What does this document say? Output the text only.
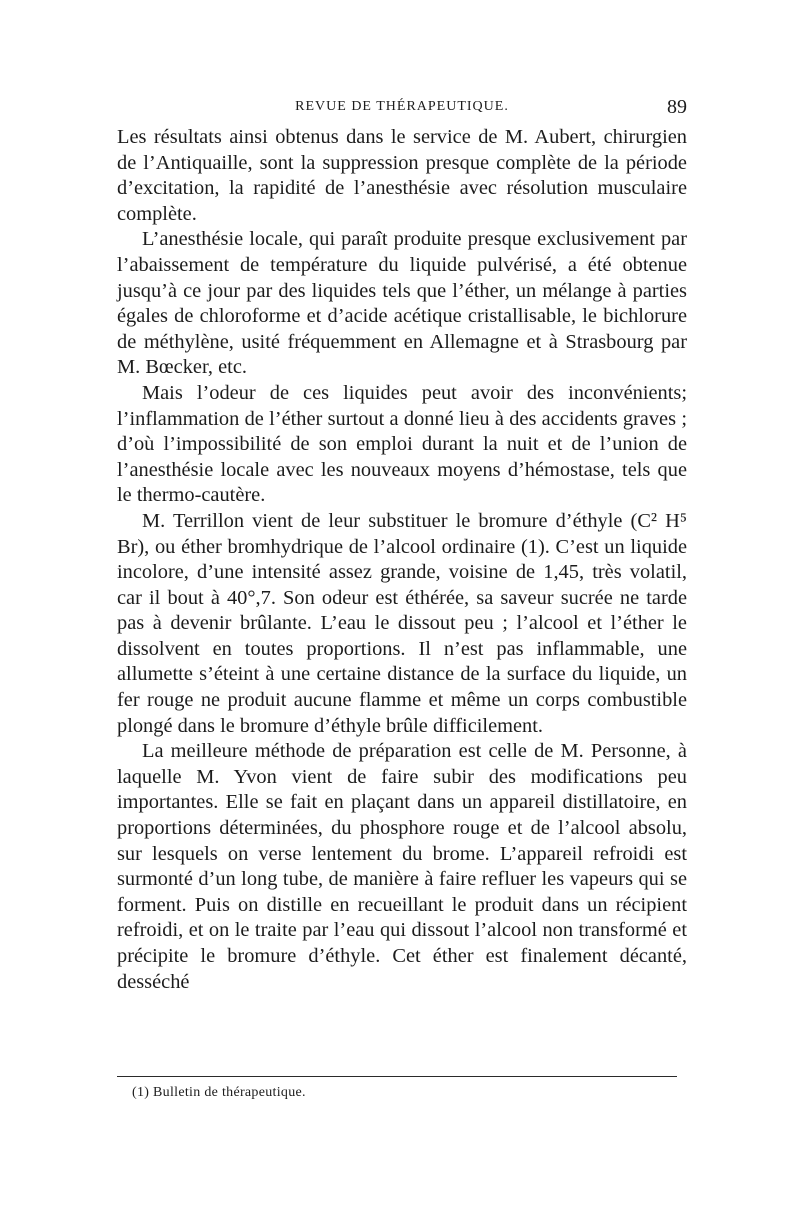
REVUE DE THÉRAPEUTIQUE.	89

Les résultats ainsi obtenus dans le service de M. Aubert, chirurgien de l’Antiquaille, sont la suppression presque complète de la période d’excitation, la rapidité de l’anesthésie avec résolution musculaire complète.

L’anesthésie locale, qui paraît produite presque exclusivement par l’abaissement de température du liquide pulvérisé, a été obtenue jusqu’à ce jour par des liquides tels que l’éther, un mélange à parties égales de chloroforme et d’acide acétique cristallisable, le bichlorure de méthylène, usité fréquemment en Allemagne et à Strasbourg par M. Bœcker, etc.

Mais l’odeur de ces liquides peut avoir des inconvénients; l’inflammation de l’éther surtout a donné lieu à des accidents graves ; d’où l’impossibilité de son emploi durant la nuit et de l’union de l’anesthésie locale avec les nouveaux moyens d’hémostase, tels que le thermo-cautère.

M. Terrillon vient de leur substituer le bromure d’éthyle (C² H⁵ Br), ou éther bromhydrique de l’alcool ordinaire (1). C’est un liquide incolore, d’une intensité assez grande, voisine de 1,45, très volatil, car il bout à 40°,7. Son odeur est éthérée, sa saveur sucrée ne tarde pas à devenir brûlante. L’eau le dissout peu ; l’alcool et l’éther le dissolvent en toutes proportions. Il n’est pas inflammable, une allumette s’éteint à une certaine distance de la surface du liquide, un fer rouge ne produit aucune flamme et même un corps combustible plongé dans le bromure d’éthyle brûle difficilement.

La meilleure méthode de préparation est celle de M. Personne, à laquelle M. Yvon vient de faire subir des modifications peu importantes. Elle se fait en plaçant dans un appareil distillatoire, en proportions déterminées, du phosphore rouge et de l’alcool absolu, sur lesquels on verse lentement du brome. L’appareil refroidi est surmonté d’un long tube, de manière à faire refluer les vapeurs qui se forment. Puis on distille en recueillant le produit dans un récipient refroidi, et on le traite par l’eau qui dissout l’alcool non transformé et précipite le bromure d’éthyle. Cet éther est finalement décanté, desséché

(1) Bulletin de thérapeutique.
